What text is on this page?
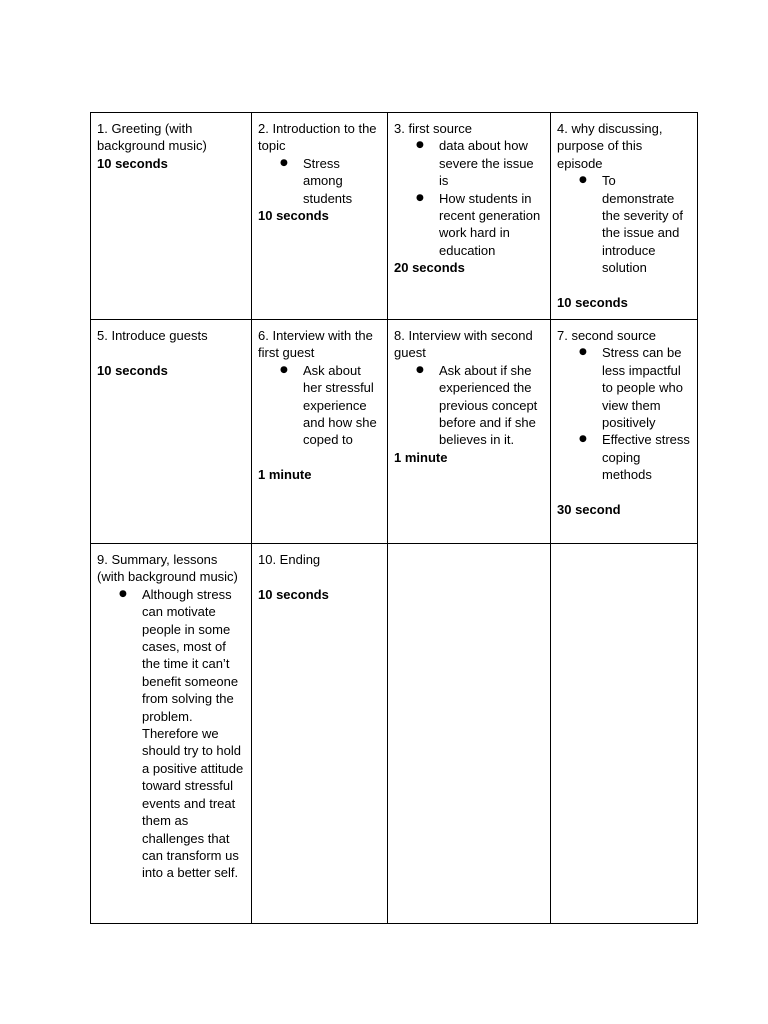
1. Greeting (with background music)
10 seconds
2. Introduction to the topic
● Stress among students
10 seconds
3. first source
● data about how severe the issue is
● How students in recent generation work hard in education
20 seconds
4. why discussing, purpose of this episode
● To demonstrate the severity of the issue and introduce solution
10 seconds
5. Introduce guests
10 seconds
6. Interview with the first guest
● Ask about her stressful experience and how she coped to
1 minute
8. Interview with second guest
● Ask about if she experienced the previous concept before and if she believes in it.
1 minute
7. second source
● Stress can be less impactful to people who view them positively
● Effective stress coping methods
30 second
9. Summary, lessons (with background music)
● Although stress can motivate people in some cases, most of the time it can’t benefit someone from solving the problem. Therefore we should try to hold a positive attitude toward stressful events and treat them as challenges that can transform us into a better self.
10. Ending
10 seconds
